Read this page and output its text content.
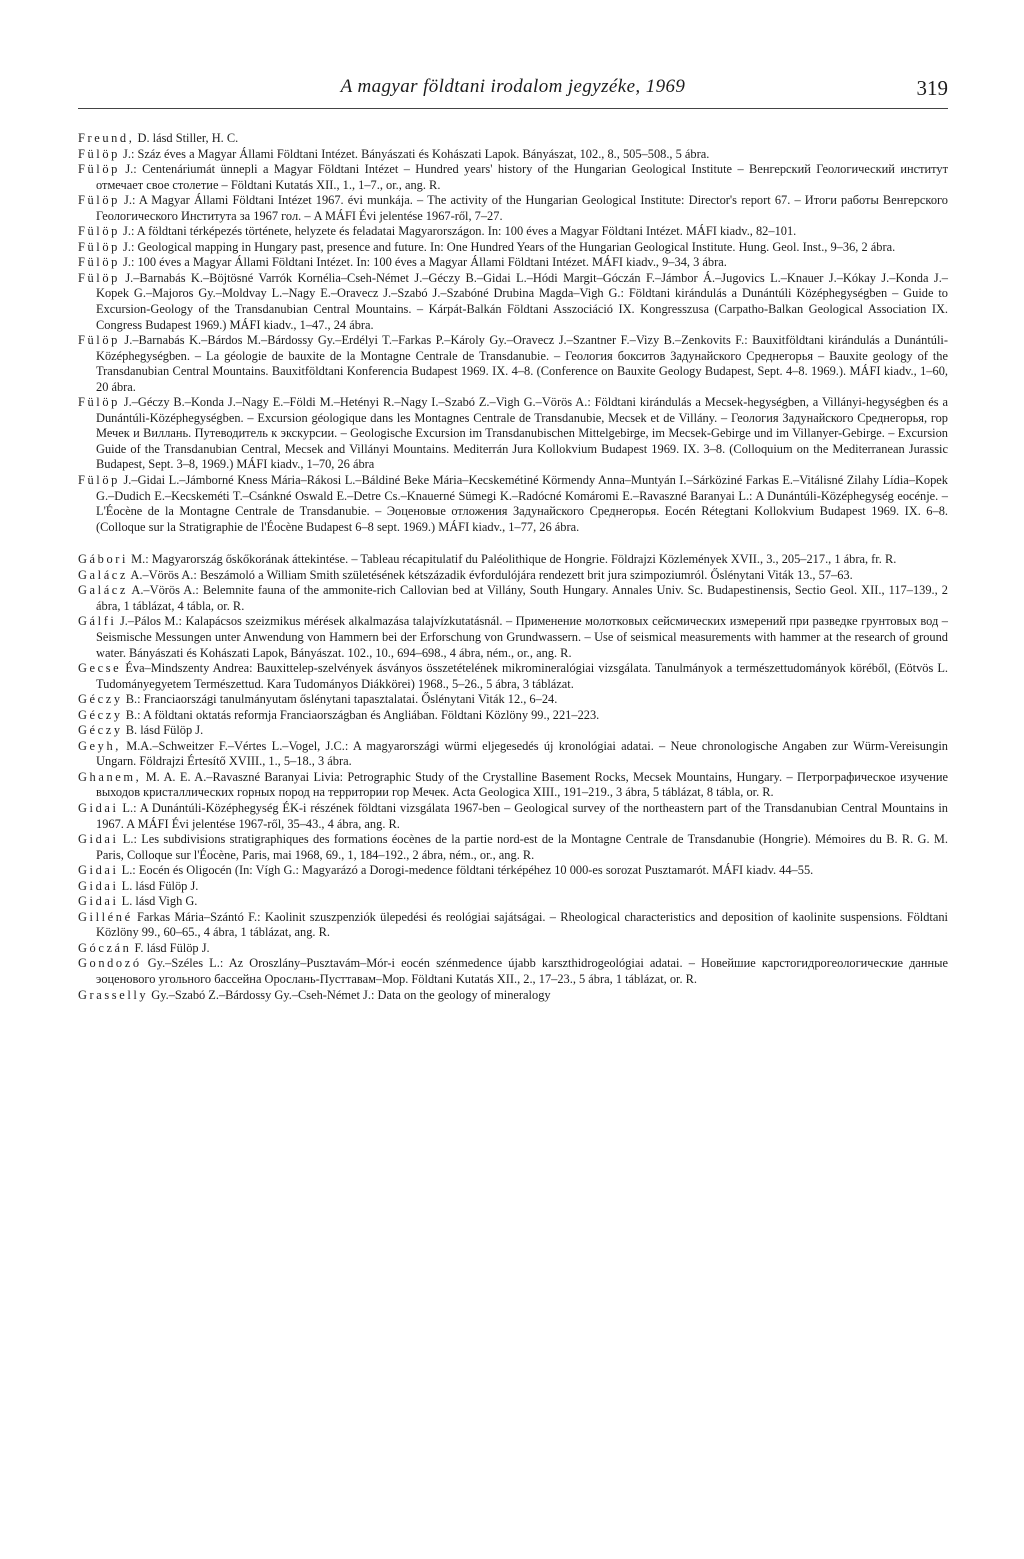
A magyar földtani irodalom jegyzéke, 1969	319

Freund, D. lásd Stiller, H. C.

Fülöp J.: Száz éves a Magyar Állami Földtani Intézet. Bányászati és Kohászati Lapok. Bányászat, 102., 8., 505–508., 5 ábra.

Fülöp J.: Centenáriumát ünnepli a Magyar Földtani Intézet – Hundred years' history of the Hungarian Geological Institute – Венгерский Геологический институт отмечает свое столетие – Földtani Kutatás XII., 1., 1–7., or., ang. R.

Fülöp J.: A Magyar Állami Földtani Intézet 1967. évi munkája. – The activity of the Hungarian Geological Institute: Director's report 67. – Итоги работы Венгерского Геологического Института за 1967 гол. – A MÁFI Évi jelentése 1967-ről, 7–27.

Fülöp J.: A földtani térképezés története, helyzete és feladatai Magyarországon. In: 100 éves a Magyar Földtani Intézet. MÁFI kiadv., 82–101.

Fülöp J.: Geological mapping in Hungary past, presence and future. In: One Hundred Years of the Hungarian Geological Institute. Hung. Geol. Inst., 9–36, 2 ábra.

Fülöp J.: 100 éves a Magyar Állami Földtani Intézet. In: 100 éves a Magyar Állami Földtani Intézet. MÁFI kiadv., 9–34, 3 ábra.

Fülöp J.–Barnabás K.–Böjtösné Varrók Kornélia–Cseh-Német J.–Géczy B.–Gidai L.–Hódi Margit–Góczán F.–Jámbor Á.–Jugovics L.–Knauer J.–Kókay J.–Konda J.–Kopek G.–Majoros Gy.–Moldvay L.–Nagy E.–Oravecz J.–Szabó J.–Szabóné Drubina Magda–Vigh G.: Földtani kirándulás a Dunántúli Középhegységben – Guide to Excursion-Geology of the Transdanubian Central Mountains. – Kárpát-Balkán Földtani Asszociáció IX. Kongresszusa (Carpatho-Balkan Geological Association IX. Congress Budapest 1969.) MÁFI kiadv., 1–47., 24 ábra.

Fülöp J.–Barnabás K.–Bárdos M.–Bárdossy Gy.–Erdélyi T.–Farkas P.–Károly Gy.–Oravecz J.–Szantner F.–Vizy B.–Zenkovits F.: Bauxitföldtani kirándulás a Dunántúli-Középhegységben. – La géologie de bauxite de la Montagne Centrale de Transdanubie. – Геология бокситов Задунайского Среднегорья – Bauxite geology of the Transdanubian Central Mountains. Bauxitföldtani Konferencia Budapest 1969. IX. 4–8. (Conference on Bauxite Geology Budapest, Sept. 4–8. 1969.). MÁFI kiadv., 1–60, 20 ábra.

Fülöp J.–Géczy B.–Konda J.–Nagy E.–Földi M.–Hetényi R.–Nagy I.–Szabó Z.–Vigh G.–Vörös A.: Földtani kirándulás a Mecsek-hegységben, a Villányi-hegységben és a Dunántúli-Középhegységben. – Excursion géologique dans les Montagnes Centrale de Transdanubie, Mecsek et de Villány. – Геология Задунайского Среднегорья, гор Мечек и Виллань. Путеводитель к экскурсии. – Geologische Excursion im Transdanubischen Mittelgebirge, im Mecsek-Gebirge und im Villanyer-Gebirge. – Excursion Guide of the Transdanubian Central, Mecsek and Villányi Mountains. Mediterrán Jura Kollokvium Budapest 1969. IX. 3–8. (Colloquium on the Mediterranean Jurassic Budapest, Sept. 3–8, 1969.) MÁFI kiadv., 1–70, 26 ábra

Fülöp J.–Gidai L.–Jámborné Kness Mária–Rákosi L.–Báldiné Beke Mária–Kecskemétiné Körmendy Anna–Muntyán I.–Sárköziné Farkas E.–Vitálisné Zilahy Lídia–Kopek G.–Dudich E.–Kecskeméti T.–Csánkné Oswald E.–Detre Cs.–Knauerné Sümegi K.–Radócné Komáromi E.–Ravaszné Baranyai L.: A Dunántúli-Középhegység eocénje. – L'Éocène de la Montagne Centrale de Transdanubie. – Эоценовые отложения Задунайского Среднегорья. Eocén Rétegtani Kollokvium Budapest 1969. IX. 6–8. (Colloque sur la Stratigraphie de l'Éocène Budapest 6–8 sept. 1969.) MÁFI kiadv., 1–77, 26 ábra.

Gábori M.: Magyarország őskőkorának áttekintése. – Tableau récapitulatif du Paléolithique de Hongrie. Földrajzi Közlemények XVII., 3., 205–217., 1 ábra, fr. R.

Galácz A.–Vörös A.: Beszámoló a William Smith születésének kétszázadik évfordulójára rendezett brit jura szimpoziumról. Őslénytani Viták 13., 57–63.

Galácz A.–Vörös A.: Belemnite fauna of the ammonite-rich Callovian bed at Villány, South Hungary. Annales Univ. Sc. Budapestinensis, Sectio Geol. XII., 117–139., 2 ábra, 1 táblázat, 4 tábla, or. R.

Gálfi J.–Pálos M.: Kalapácsos szeizmikus mérések alkalmazása talajvízkutatásnál. – Применение молотковых сейсмических измерений при разведке грунтовых вод – Seismische Messungen unter Anwendung von Hammern bei der Erforschung von Grundwassern. – Use of seismical measurements with hammer at the research of ground water. Bányászati és Kohászati Lapok, Bányászat. 102., 10., 694–698., 4 ábra, ném., or., ang. R.

Gecse Éva–Mindszenty Andrea: Bauxittelep-szelvények ásványos összetételének mikromineralógiai vizsgálata. Tanulmányok a természettudományok köréből, (Eötvös L. Tudományegyetem Természettud. Kara Tudományos Diákkörei) 1968., 5–26., 5 ábra, 3 táblázat.

Géczy B.: Franciaországi tanulmányutam őslénytani tapasztalatai. Őslénytani Viták 12., 6–24.

Géczy B.: A földtani oktatás reformja Franciaországban és Angliában. Földtani Közlöny 99., 221–223.

Géczy B. lásd Fülöp J.

Geyh, M.A.–Schweitzer F.–Vértes L.–Vogel, J.C.: A magyarországi würmi eljegesedés új kronológiai adatai. – Neue chronologische Angaben zur Würm-Vereisungin Ungarn. Földrajzi Értesítő XVIII., 1., 5–18., 3 ábra.

Ghanem, M. A. E. A.–Ravaszné Baranyai Livia: Petrographic Study of the Crystalline Basement Rocks, Mecsek Mountains, Hungary. – Петрографическое изучение выходов кристаллических горных пород на территории гор Мечек. Acta Geologica XIII., 191–219., 3 ábra, 5 táblázat, 8 tábla, or. R.

Gidai L.: A Dunántúli-Középhegység ÉK-i részének földtani vizsgálata 1967-ben – Geological survey of the northeastern part of the Transdanubian Central Mountains in 1967. A MÁFI Évi jelentése 1967-ről, 35–43., 4 ábra, ang. R.

Gidai L.: Les subdivisions stratigraphiques des formations éocènes de la partie nord-est de la Montagne Centrale de Transdanubie (Hongrie). Mémoires du B. R. G. M. Paris, Colloque sur l'Éocène, Paris, mai 1968, 69., 1, 184–192., 2 ábra, ném., or., ang. R.

Gidai L.: Eocén és Oligocén (In: Vígh G.: Magyarázó a Dorogi-medence földtani térképéhez 10 000-es sorozat Pusztamarót. MÁFI kiadv. 44–55.

Gidai L. lásd Fülöp J.

Gidai L. lásd Vigh G.

Gilléné Farkas Mária–Szántó F.: Kaolinit szuszpenziók ülepedési és reológiai sajátságai. – Rheological characteristics and deposition of kaolinite suspensions. Földtani Közlöny 99., 60–65., 4 ábra, 1 táblázat, ang. R.

Góczán F. lásd Fülöp J.

Gondozó Gy.–Széles L.: Az Oroszlány–Pusztavám–Mór-i eocén szénmedence újabb karszthidrogeológiai adatai. – Новейшие карстогидрогеологические данные эоценового угольного бассейна Орослань-Пусттавам–Мор. Földtani Kutatás XII., 2., 17–23., 5 ábra, 1 táblázat, or. R.

Grasselly Gy.–Szabó Z.–Bárdossy Gy.–Cseh-Német J.: Data on the geology of mineralogy
